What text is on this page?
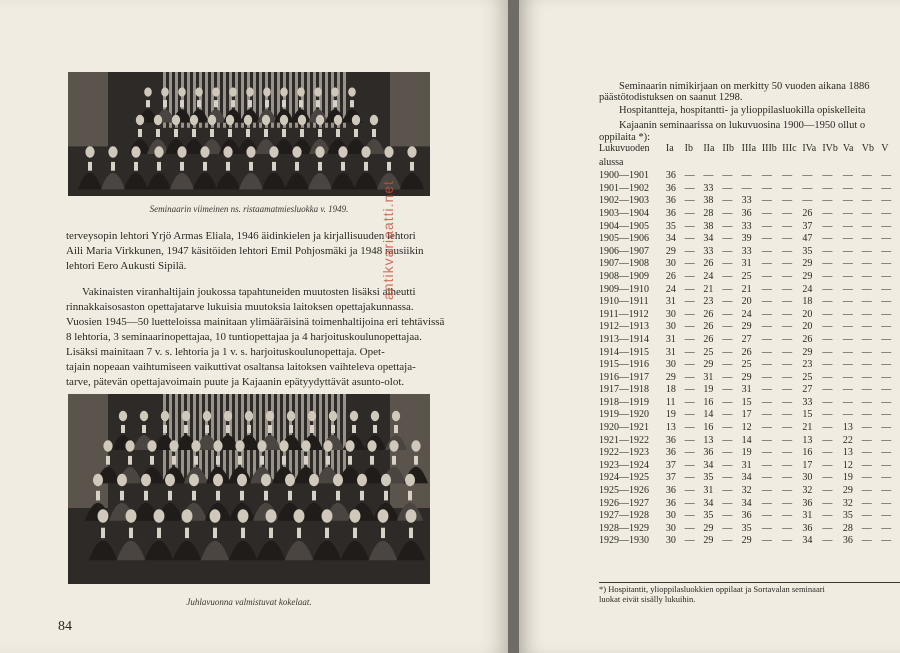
Seminaarin viimeinen ns. ristaamatmiesluokka v. 1949.

terveysopin lehtori Yrjö Armas Eliala, 1946 äidinkielen ja kirjallisuuden lehtori
Aili Maria Virkkunen, 1947 käsitöiden lehtori Emil Pohjosmäki ja 1948 rausiikin
lehtori Eero Aukusti Sipilä.

Vakinaisten viranhaltijain joukossa tapahtuneiden muutosten lisäksi aiheutti
rinnakkaisosaston opettajatarve lukuisia muutoksia laitoksen opettajakunnassa.
Vuosien 1945—50 luetteloissa mainitaan ylimääräisinä toimenhaltijoina eri tehtävissä
8 lehtoria, 3 seminaarinopettajaa, 10 tuntiopettajaa ja 4 harjoituskoulunopettajaa.
Lisäksi mainitaan 7 v. s. lehtoria ja 1 v. s. harjoituskoulunopettaja. Opet-
tajain nopeaan vaihtumiseen vaikuttivat osaltansa laitoksen vaihteleva opettaja-
tarve, pätevän opettajavoimain puute ja Kajaanin epätyydyttävät asunto-olot.

Juhlavuonna valmistuvat kokelaat.
84
antikvariaatti.net
Seminaarin nimikirjaan on merkitty 50 vuoden aikana 1886
päästötodistuksen on saanut 1298.
Hospitantteja, hospitantti- ja ylioppilasluokilla opiskelleita
Kajaanin seminaarissa on lukuvuosina 1900—1950 ollut o
oppilaita *):
Lukuvuoden	Ia	Ib	IIa	IIb	IIIa	IIIb	IIIc	IVa	IVb	Va	Vb	V
alussa												
1900—1901	36	—	—	—	—	—	—	—	—	—	—	—
1901—1902	36	—	33	—	—	—	—	—	—	—	—	—
1902—1903	36	—	38	—	33	—	—	—	—	—	—	—
1903—1904	36	—	28	—	36	—	—	26	—	—	—	—
1904—1905	35	—	38	—	33	—	—	37	—	—	—	—
1905—1906	34	—	34	—	39	—	—	47	—	—	—	—
1906—1907	29	—	33	—	33	—	—	35	—	—	—	—
1907—1908	30	—	26	—	31	—	—	29	—	—	—	—
1908—1909	26	—	24	—	25	—	—	29	—	—	—	—
1909—1910	24	—	21	—	21	—	—	24	—	—	—	—
1910—1911	31	—	23	—	20	—	—	18	—	—	—	—
1911—1912	30	—	26	—	24	—	—	20	—	—	—	—
1912—1913	30	—	26	—	29	—	—	20	—	—	—	—
1913—1914	31	—	26	—	27	—	—	26	—	—	—	—
1914—1915	31	—	25	—	26	—	—	29	—	—	—	—
1915—1916	30	—	29	—	25	—	—	23	—	—	—	—
1916—1917	29	—	31	—	29	—	—	25	—	—	—	—
1917—1918	18	—	19	—	31	—	—	27	—	—	—	—
1918—1919	11	—	16	—	15	—	—	33	—	—	—	—
1919—1920	19	—	14	—	17	—	—	15	—	—	—	—
1920—1921	13	—	16	—	12	—	—	21	—	13	—	—
1921—1922	36	—	13	—	14	—	—	13	—	22	—	—
1922—1923	36	—	36	—	19	—	—	16	—	13	—	—
1923—1924	37	—	34	—	31	—	—	17	—	12	—	—
1924—1925	37	—	35	—	34	—	—	30	—	19	—	—
1925—1926	36	—	31	—	32	—	—	32	—	29	—	—
1926—1927	36	—	34	—	34	—	—	36	—	32	—	—
1927—1928	30	—	35	—	36	—	—	31	—	35	—	—
1928—1929	30	—	29	—	35	—	—	36	—	28	—	—
1929—1930	30	—	29	—	29	—	—	34	—	36	—	—
*) Hospitantit, ylioppilasluokkien oppilaat ja Sortavalan seminaari
luokat eivät sisälly lukuihin.
